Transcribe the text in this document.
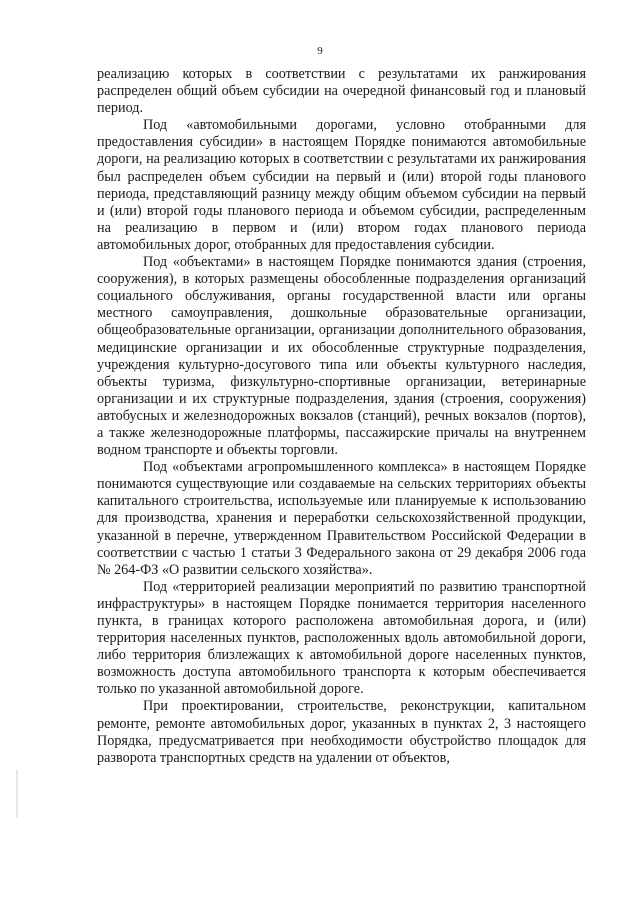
9

реализацию которых в соответствии с результатами их ранжирования распределен общий объем субсидии на очередной финансовый год и плановый период.

Под «автомобильными дорогами, условно отобранными для предоставления субсидии» в настоящем Порядке понимаются автомобильные дороги, на реализацию которых в соответствии с результатами их ранжирования был распределен объем субсидии на первый и (или) второй годы планового периода, представляющий разницу между общим объемом субсидии на первый и (или) второй годы планового периода и объемом субсидии, распределенным на реализацию в первом и (или) втором годах планового периода автомобильных дорог, отобранных для предоставления субсидии.

Под «объектами» в настоящем Порядке понимаются здания (строения, сооружения), в которых размещены обособленные подразделения организаций социального обслуживания, органы государственной власти или органы местного самоуправления, дошкольные образовательные организации, общеобразовательные организации, организации дополнительного образования, медицинские организации и их обособленные структурные подразделения, учреждения культурно-досугового типа или объекты культурного наследия, объекты туризма, физкультурно-спортивные организации, ветеринарные организации и их структурные подразделения, здания (строения, сооружения) автобусных и железнодорожных вокзалов (станций), речных вокзалов (портов), а также железнодорожные платформы, пассажирские причалы на внутреннем водном транспорте и объекты торговли.

Под «объектами агропромышленного комплекса» в настоящем Порядке понимаются существующие или создаваемые на сельских территориях объекты капитального строительства, используемые или планируемые к использованию для производства, хранения и переработки сельскохозяйственной продукции, указанной в перечне, утвержденном Правительством Российской Федерации в соответствии с частью 1 статьи 3 Федерального закона от 29 декабря 2006 года № 264-ФЗ «О развитии сельского хозяйства».

Под «территорией реализации мероприятий по развитию транспортной инфраструктуры» в настоящем Порядке понимается территория населенного пункта, в границах которого расположена автомобильная дорога, и (или) территория населенных пунктов, расположенных вдоль автомобильной дороги, либо территория близлежащих к автомобильной дороге населенных пунктов, возможность доступа автомобильного транспорта к которым обеспечивается только по указанной автомобильной дороге.

При проектировании, строительстве, реконструкции, капитальном ремонте, ремонте автомобильных дорог, указанных в пунктах 2, 3 настоящего Порядка, предусматривается при необходимости обустройство площадок для разворота транспортных средств на удалении от объектов,
